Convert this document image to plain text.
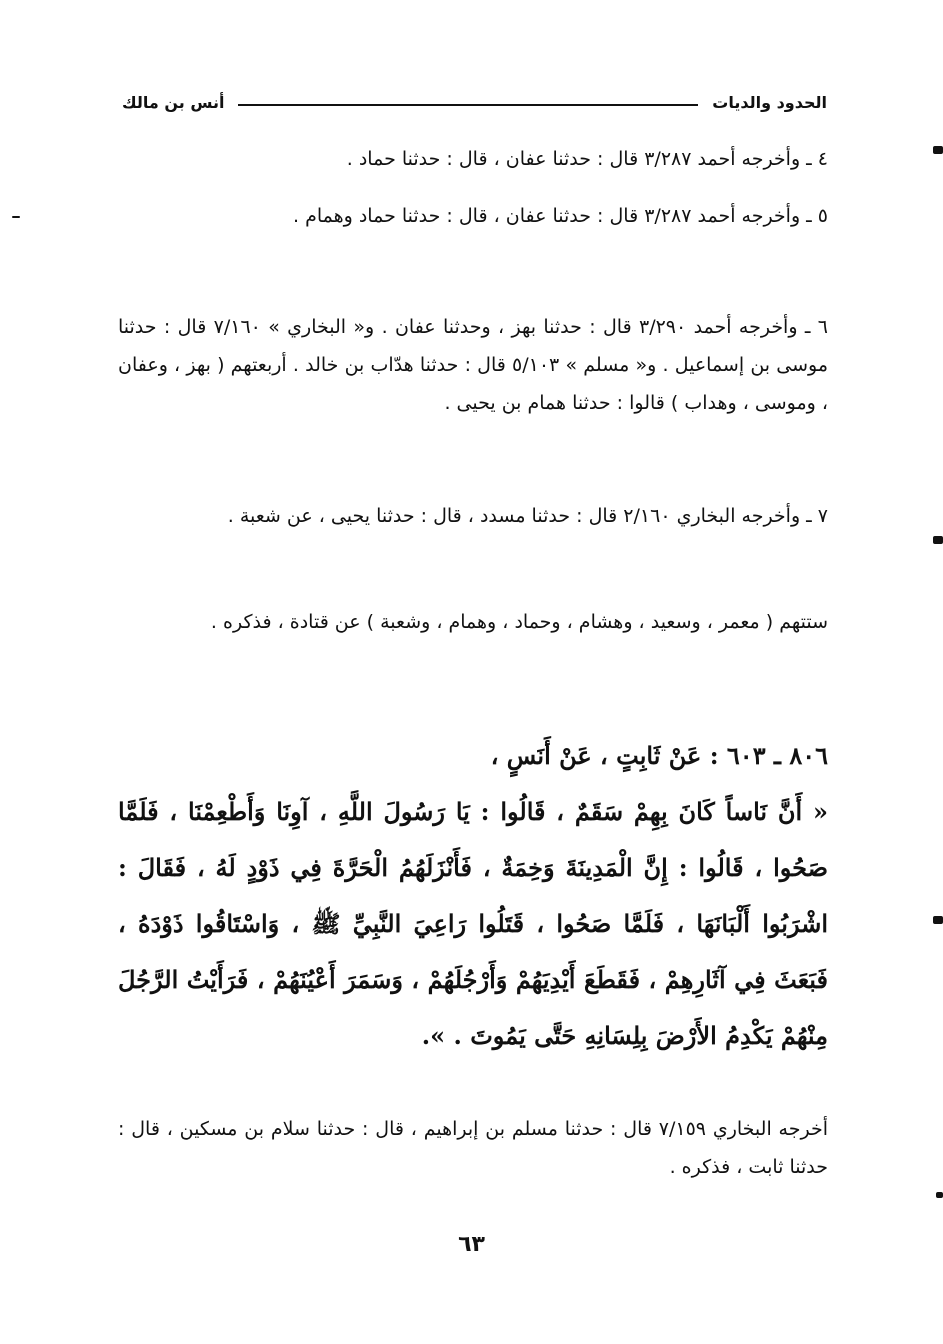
الحدود والديات
أنس بن مالك

٤ ـ وأخرجه أحمد ٣/٢٨٧ قال : حدثنا عفان ، قال : حدثنا حماد .

٥ ـ وأخرجه أحمد ٣/٢٨٧ قال : حدثنا عفان ، قال : حدثنا حماد وهمام .

٦ ـ وأخرجه أحمد ٣/٢٩٠ قال : حدثنا بهز ، وحدثنا عفان . و« البخاري » ٧/١٦٠ قال : حدثنا موسى بن إسماعيل . و« مسلم » ٥/١٠٣ قال : حدثنا هدّاب بن خالد . أربعتهم ( بهز ، وعفان ، وموسى ، وهداب ) قالوا : حدثنا همام بن يحيى .

٧ ـ وأخرجه البخاري ٢/١٦٠ قال : حدثنا مسدد ، قال : حدثنا يحيى ، عن شعبة .

ستتهم ( معمر ، وسعيد ، وهشام ، وحماد ، وهمام ، وشعبة ) عن قتادة ، فذكره .

٨٠٦ ـ ٦٠٣ : عَنْ ثَابِتٍ ، عَنْ أَنَسٍ ،

« أَنَّ نَاساً كَانَ بِهِمْ سَقَمٌ ، قَالُوا : يَا رَسُولَ اللَّهِ ، آوِنَا وَأَطْعِمْنَا ، فَلَمَّا صَحُوا ، قَالُوا : إِنَّ الْمَدِينَةَ وَخِمَةٌ ، فَأَنْزَلَهُمُ الْحَرَّةَ فِي ذَوْدٍ لَهُ ، فَقَالَ : اشْرَبُوا أَلْبَانَهَا ، فَلَمَّا صَحُوا ، قَتَلُوا رَاعِيَ النَّبِيِّ ﷺ ، وَاسْتَاقُوا ذَوْدَهُ ، فَبَعَثَ فِي آثَارِهِمْ ، فَقَطَعَ أَيْدِيَهُمْ وَأَرْجُلَهُمْ ، وَسَمَرَ أَعْيُنَهُمْ ، فَرَأَيْتُ الرَّجُلَ مِنْهُمْ يَكْدِمُ الأَرْضَ بِلِسَانِهِ حَتَّى يَمُوتَ . ».

أخرجه البخاري ٧/١٥٩ قال : حدثنا مسلم بن إبراهيم ، قال : حدثنا سلام بن مسكين ، قال : حدثنا ثابت ، فذكره .

٦٣
